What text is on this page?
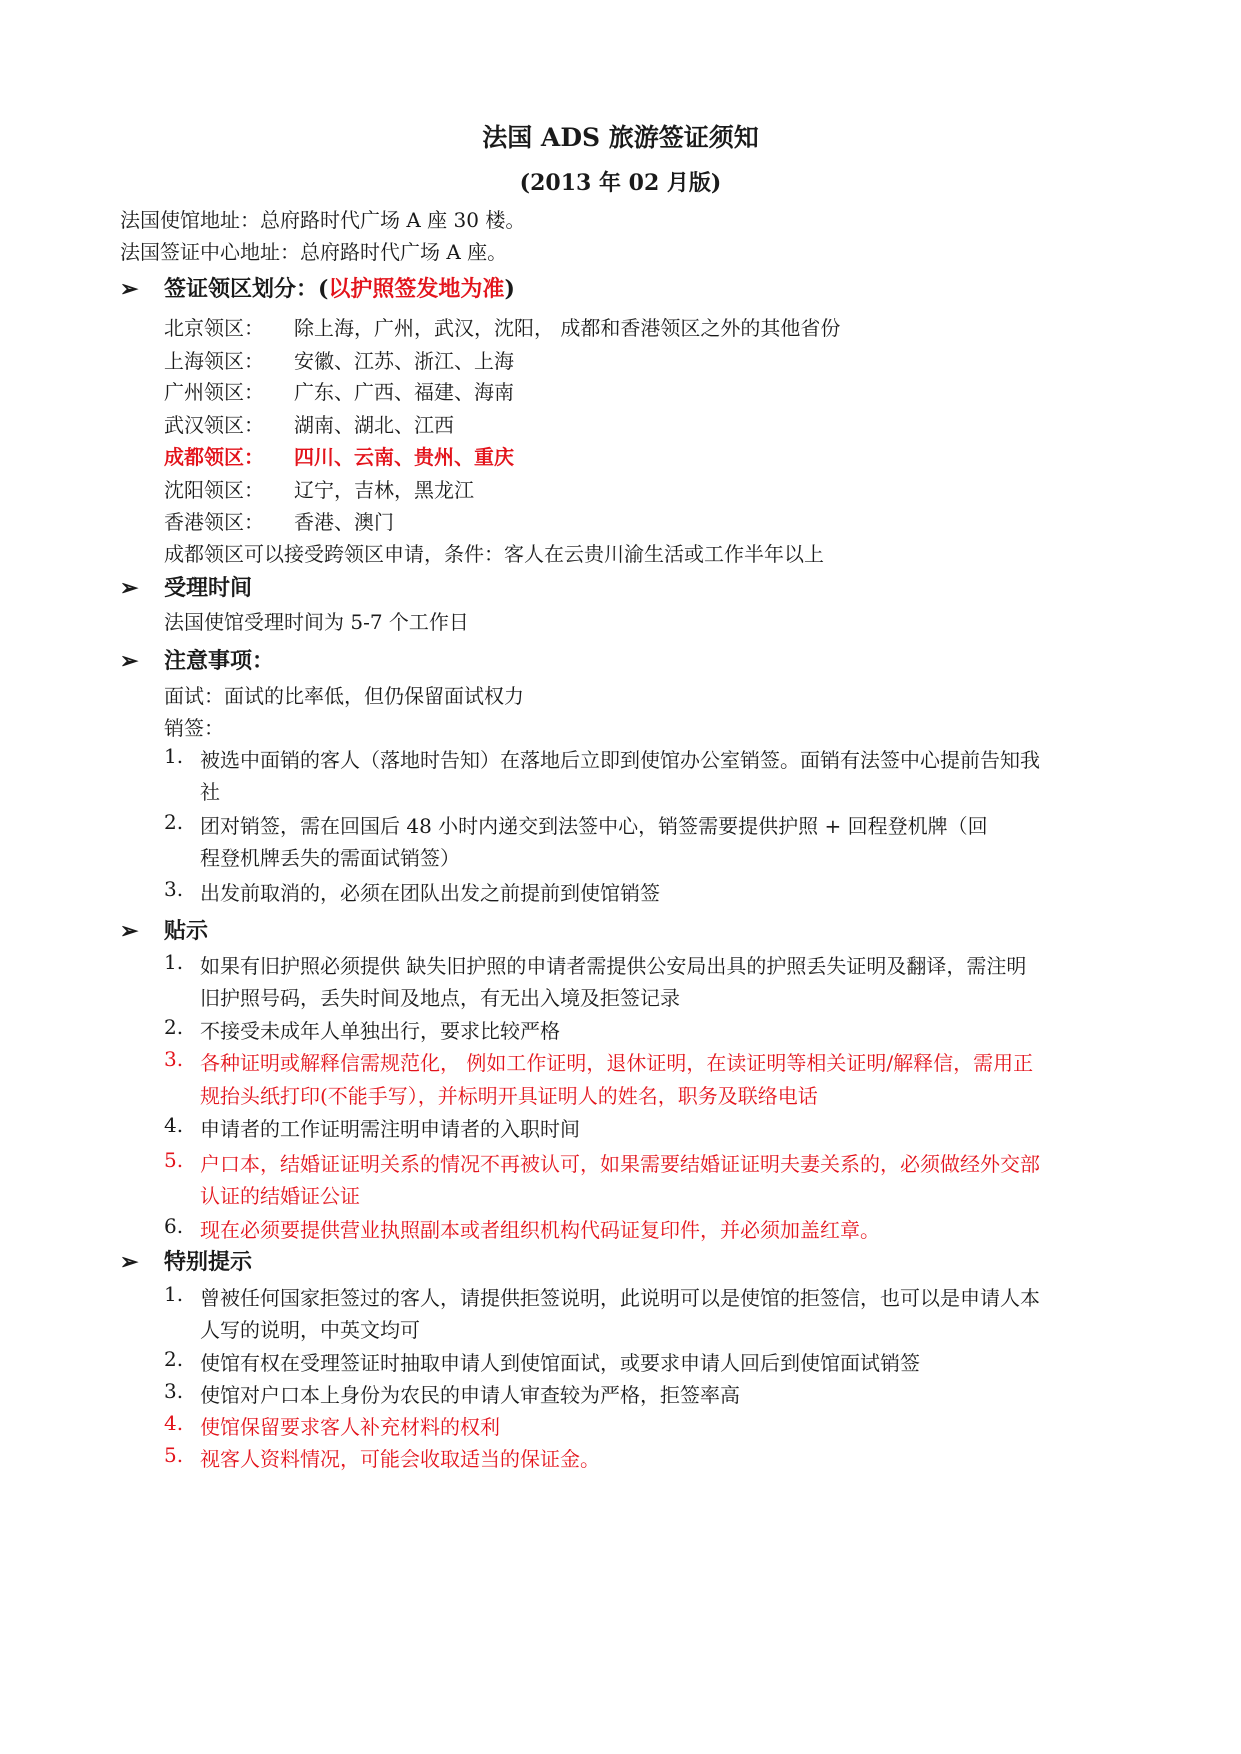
法国 ADS 旅游签证须知
(2013 年 02 月版)
法国使馆地址：总府路时代广场 A 座 30 楼。
法国签证中心地址：总府路时代广场 A 座。
➢ 签证领区划分：(以护照签发地为准)
北京领区： 除上海，广州，武汉，沈阳， 成都和香港领区之外的其他省份
上海领区： 安徽、江苏、浙江、上海
广州领区： 广东、广西、福建、海南
武汉领区： 湖南、湖北、江西
成都领区： 四川、云南、贵州、重庆
沈阳领区： 辽宁，吉林，黑龙江
香港领区： 香港、澳门
成都领区可以接受跨领区申请，条件：客人在云贵川渝生活或工作半年以上
➢ 受理时间
法国使馆受理时间为 5-7 个工作日
➢ 注意事项：
面试：面试的比率低，但仍保留面试权力
销签：
1. 被选中面销的客人（落地时告知）在落地后立即到使馆办公室销签。面销有法签中心提前告知我
社
2. 团对销签，需在回国后 48 小时内递交到法签中心，销签需要提供护照 + 回程登机牌（回
程登机牌丢失的需面试销签）
3. 出发前取消的，必须在团队出发之前提前到使馆销签
➢ 贴示
1. 如果有旧护照必须提供 缺失旧护照的申请者需提供公安局出具的护照丢失证明及翻译，需注明
旧护照号码，丢失时间及地点，有无出入境及拒签记录
2. 不接受未成年人单独出行，要求比较严格
3. 各种证明或解释信需规范化， 例如工作证明，退休证明，在读证明等相关证明/解释信，需用正
规抬头纸打印(不能手写），并标明开具证明人的姓名，职务及联络电话
4. 申请者的工作证明需注明申请者的入职时间
5. 户口本，结婚证证明关系的情况不再被认可，如果需要结婚证证明夫妻关系的，必须做经外交部
认证的结婚证公证
6. 现在必须要提供营业执照副本或者组织机构代码证复印件，并必须加盖红章。
➢ 特别提示
1. 曾被任何国家拒签过的客人，请提供拒签说明，此说明可以是使馆的拒签信，也可以是申请人本
人写的说明，中英文均可
2. 使馆有权在受理签证时抽取申请人到使馆面试，或要求申请人回后到使馆面试销签
3. 使馆对户口本上身份为农民的申请人审查较为严格，拒签率高
4. 使馆保留要求客人补充材料的权利
5. 视客人资料情况，可能会收取适当的保证金。
